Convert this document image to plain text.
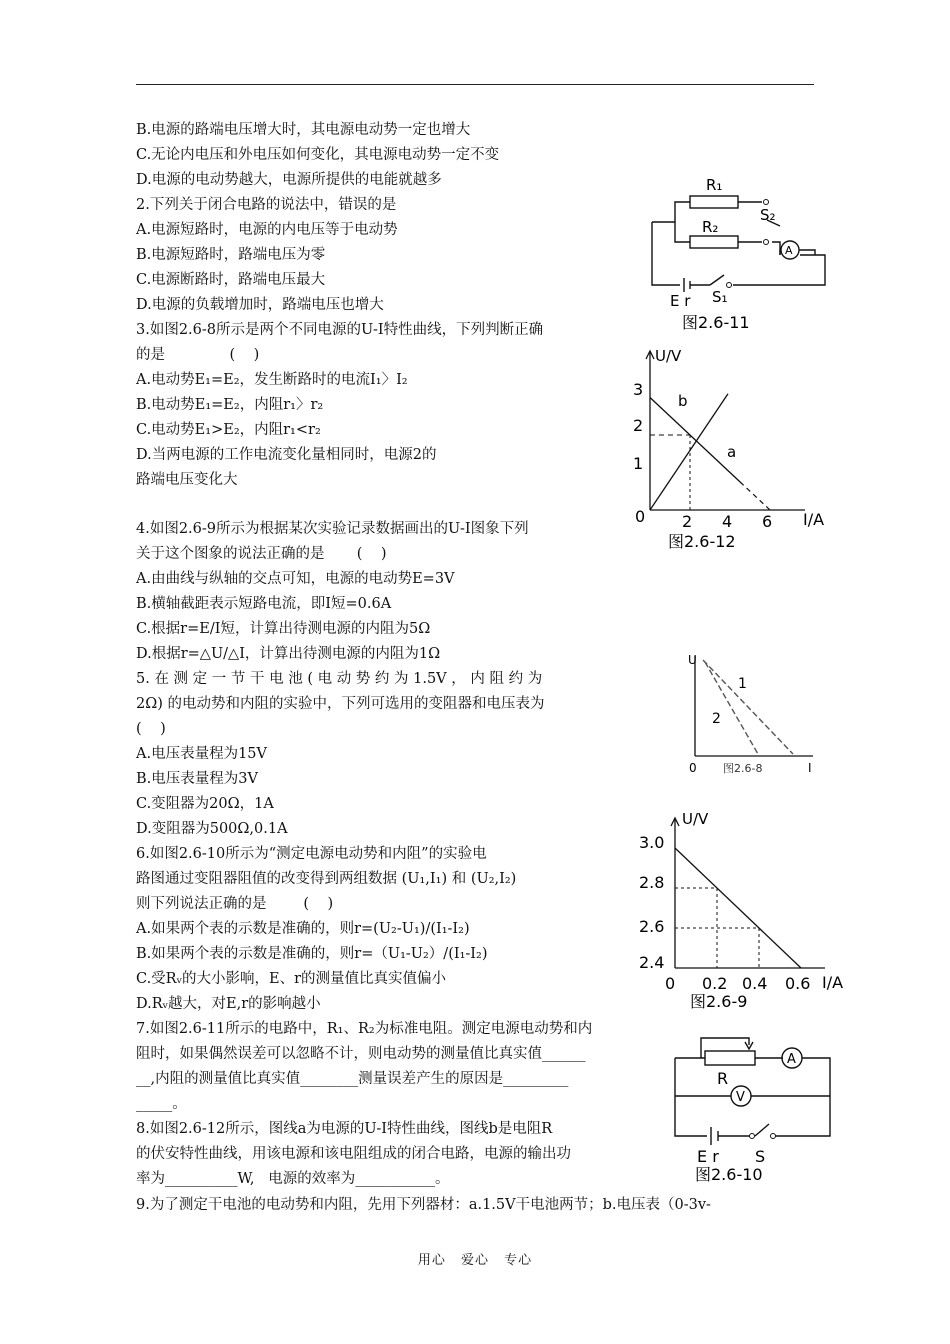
B.电源的路端电压增大时，其电源电动势一定也增大
C.无论内电压和外电压如何变化，其电源电动势一定不变
D.电源的电动势越大，电源所提供的电能就越多
2.下列关于闭合电路的说法中，错误的是
A.电源短路时，电源的内电压等于电动势
B.电源短路时，路端电压为零
C.电源断路时，路端电压最大
D.电源的负载增加时，路端电压也增大
3.如图2.6-8所示是两个不同电源的U-I特性曲线，下列判断正确
的是              (    )
A.电动势E₁=E₂，发生断路时的电流I₁〉I₂
B.电动势E₁=E₂，内阻r₁〉r₂
C.电动势E₁>E₂，内阻r₁<r₂
D.当两电源的工作电流变化量相同时，电源2的
路端电压变化大
4.如图2.6-9所示为根据某次实验记录数据画出的U-I图象下列
关于这个图象的说法正确的是       (    )
A.由曲线与纵轴的交点可知，电源的电动势E=3V
B.横轴截距表示短路电流，即I短=0.6A
C.根据r=E/I短，计算出待测电源的内阻为5Ω
D.根据r=△U/△I，计算出待测电源的内阻为1Ω
5. 在 测 定 一 节 干 电 池 ( 电 动 势 约 为 1.5V ， 内 阻 约 为
2Ω) 的电动势和内阻的实验中，下列可选用的变阻器和电压表为
(    )
A.电压表量程为15V
B.电压表量程为3V
C.变阻器为20Ω，1A
D.变阻器为500Ω,0.1A
6.如图2.6-10所示为“测定电源电动势和内阻”的实验电
路图通过变阻器阻值的改变得到两组数据 (U₁,I₁) 和 (U₂,I₂)
则下列说法正确的是        (    )
A.如果两个表的示数是准确的，则r=(U₂-U₁)/(I₁-I₂)
B.如果两个表的示数是准确的，则r=（U₁-U₂）/(I₁-I₂)
C.受Rᵥ的大小影响，E、r的测量值比真实值偏小
D.Rᵥ越大，对E,r的影响越小
7.如图2.6-11所示的电路中，R₁、R₂为标准电阻。测定电源电动势和内
阻时，如果偶然误差可以忽略不计，则电动势的测量值比真实值______
__,内阻的测量值比真实值________测量误差产生的原因是_________
_____。
8.如图2.6-12所示，图线a为电源的U-I特性曲线，图线b是电阻R
的伏安特性曲线，用该电源和该电阻组成的闭合电路，电源的输出功
率为__________W,   电源的效率为___________。
9.为了测定干电池的电动势和内阻，先用下列器材：a.1.5V干电池两节；b.电压表（0-3v-
R₁
R₂
S₂
A
S₁
E r
图2.6-11
U/V
I/A
0
3
2
1
2 4 6
a
b
图2.6-12
U
0	I
1
2
图2.6-8
U/V
I/A
3.0
2.8
2.6
2.4
0 0.2 0.4 0.6
图2.6-9
A
V
R
S
E r
图2.6-10
用心 爱心 专心
